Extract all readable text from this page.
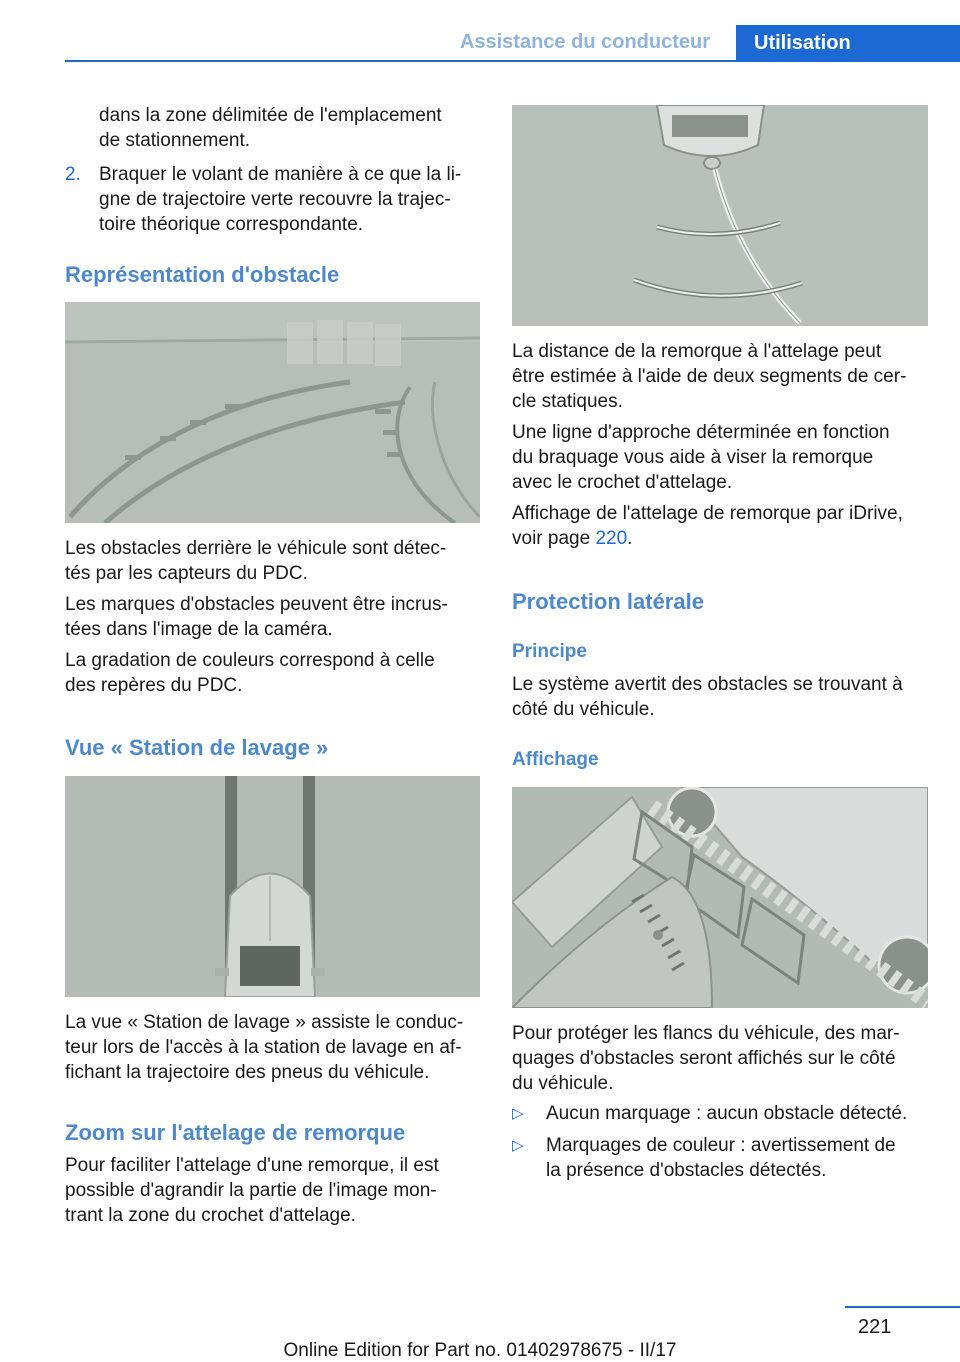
Assistance du conducteur	Utilisation
dans la zone délimitée de l'emplacement
de stationnement.
2. Braquer le volant de manière à ce que la li‐
gne de trajectoire verte recouvre la trajec‐
toire théorique correspondante.
Représentation d'obstacle
Les obstacles derrière le véhicule sont détec‐
tés par les capteurs du PDC.
Les marques d'obstacles peuvent être incrus‐
tées dans l'image de la caméra.
La gradation de couleurs correspond à celle
des repères du PDC.
Vue « Station de lavage »
La vue « Station de lavage » assiste le conduc‐
teur lors de l'accès à la station de lavage en af‐
fichant la trajectoire des pneus du véhicule.
Zoom sur l'attelage de remorque
Pour faciliter l'attelage d'une remorque, il est
possible d'agrandir la partie de l'image mon‐
trant la zone du crochet d'attelage.
La distance de la remorque à l'attelage peut
être estimée à l'aide de deux segments de cer‐
cle statiques.
Une ligne d'approche déterminée en fonction
du braquage vous aide à viser la remorque
avec le crochet d'attelage.
Affichage de l'attelage de remorque par iDrive,
voir page 220.
Protection latérale
Principe
Le système avertit des obstacles se trouvant à
côté du véhicule.
Affichage
Pour protéger les flancs du véhicule, des mar‐
quages d'obstacles seront affichés sur le côté
du véhicule.
▷ Aucun marquage : aucun obstacle détecté.
▷ Marquages de couleur : avertissement de
la présence d'obstacles détectés.
221
Online Edition for Part no. 01402978675 - II/17
